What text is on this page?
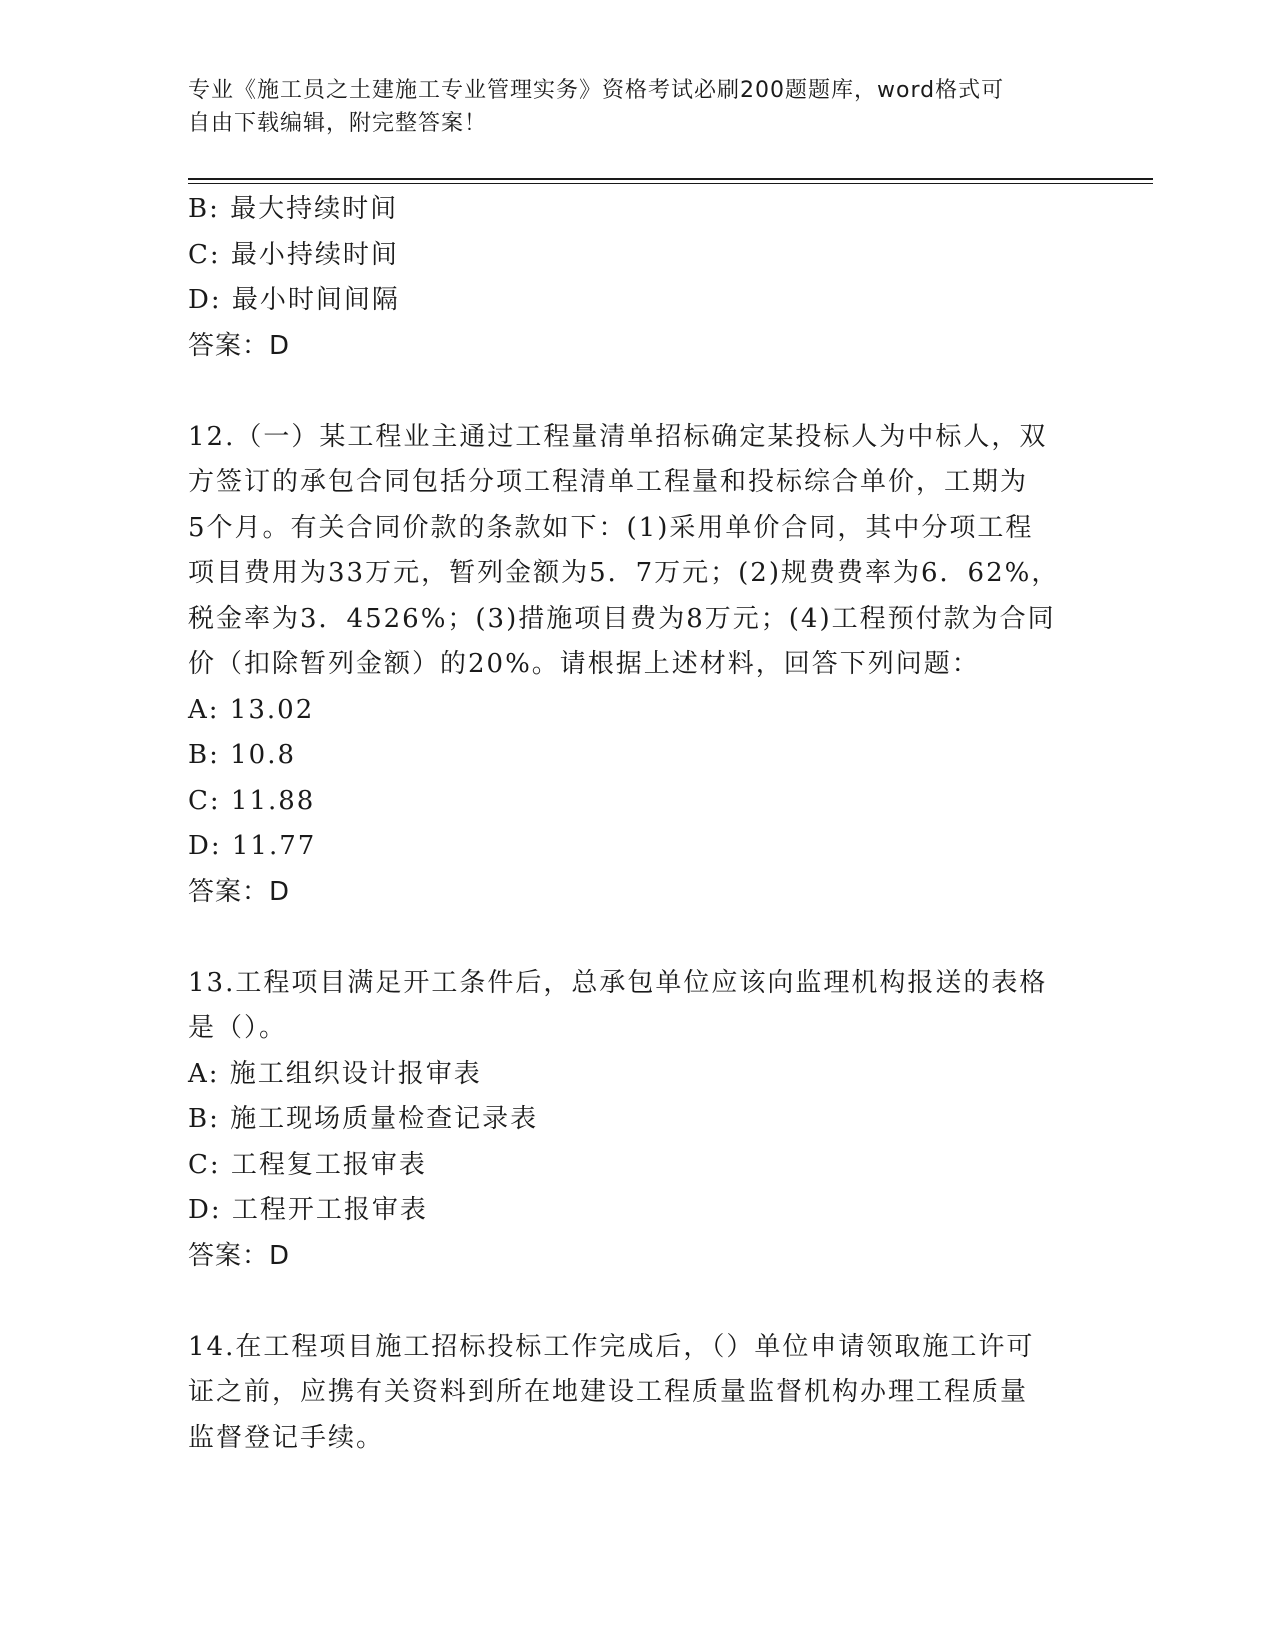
专业《施工员之土建施工专业管理实务》资格考试必刷200题题库，word格式可
自由下载编辑，附完整答案！

B: 最大持续时间

C: 最小持续时间

D: 最小时间间隔

答案：D

12.（一）某工程业主通过工程量清单招标确定某投标人为中标人，双

方签订的承包合同包括分项工程清单工程量和投标综合单价，工期为

5个月。有关合同价款的条款如下：(1)采用单价合同，其中分项工程

项目费用为33万元，暂列金额为5．7万元；(2)规费费率为6．62%，

税金率为3．4526%；(3)措施项目费为8万元；(4)工程预付款为合同

价（扣除暂列金额）的20%。请根据上述材料，回答下列问题：

A: 13.02

B: 10.8

C: 11.88

D: 11.77

答案：D

13.工程项目满足开工条件后，总承包单位应该向监理机构报送的表格

是（）。

A: 施工组织设计报审表

B: 施工现场质量检查记录表

C: 工程复工报审表

D: 工程开工报审表

答案：D

14.在工程项目施工招标投标工作完成后，（）单位申请领取施工许可

证之前，应携有关资料到所在地建设工程质量监督机构办理工程质量

监督登记手续。
